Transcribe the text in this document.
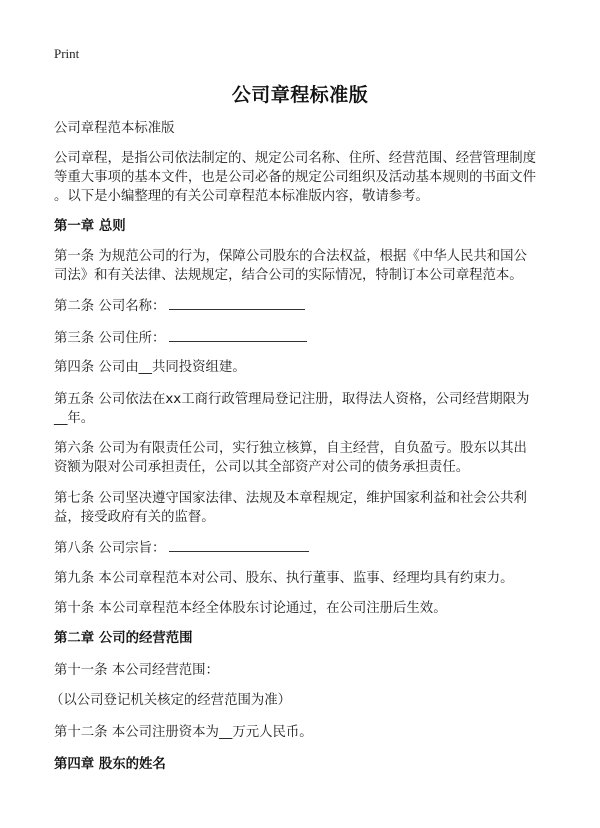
Print
公司章程标准版
公司章程范本标准版
公司章程，是指公司依法制定的、规定公司名称、住所、经营范围、经营管理制度
等重大事项的基本文件，也是公司必备的规定公司组织及活动基本规则的书面文件
。以下是小编整理的有关公司章程范本标准版内容，敬请参考。
第一章 总则
第一条 为规范公司的行为，保障公司股东的合法权益，根据《中华人民共和国公
司法》和有关法律、法规规定，结合公司的实际情况，特制订本公司章程范本。
第二条 公司名称：
第三条 公司住所：
第四条 公司由__共同投资组建。
第五条 公司依法在xx工商行政管理局登记注册，取得法人资格，公司经营期限为
__年。
第六条 公司为有限责任公司，实行独立核算，自主经营，自负盈亏。股东以其出
资额为限对公司承担责任，公司以其全部资产对公司的债务承担责任。
第七条 公司坚决遵守国家法律、法规及本章程规定，维护国家利益和社会公共利
益，接受政府有关的监督。
第八条 公司宗旨：
第九条 本公司章程范本对公司、股东、执行董事、监事、经理均具有约束力。
第十条 本公司章程范本经全体股东讨论通过，在公司注册后生效。
第二章 公司的经营范围
第十一条 本公司经营范围：
（以公司登记机关核定的经营范围为准）
第十二条 本公司注册资本为__万元人民币。
第四章 股东的姓名
